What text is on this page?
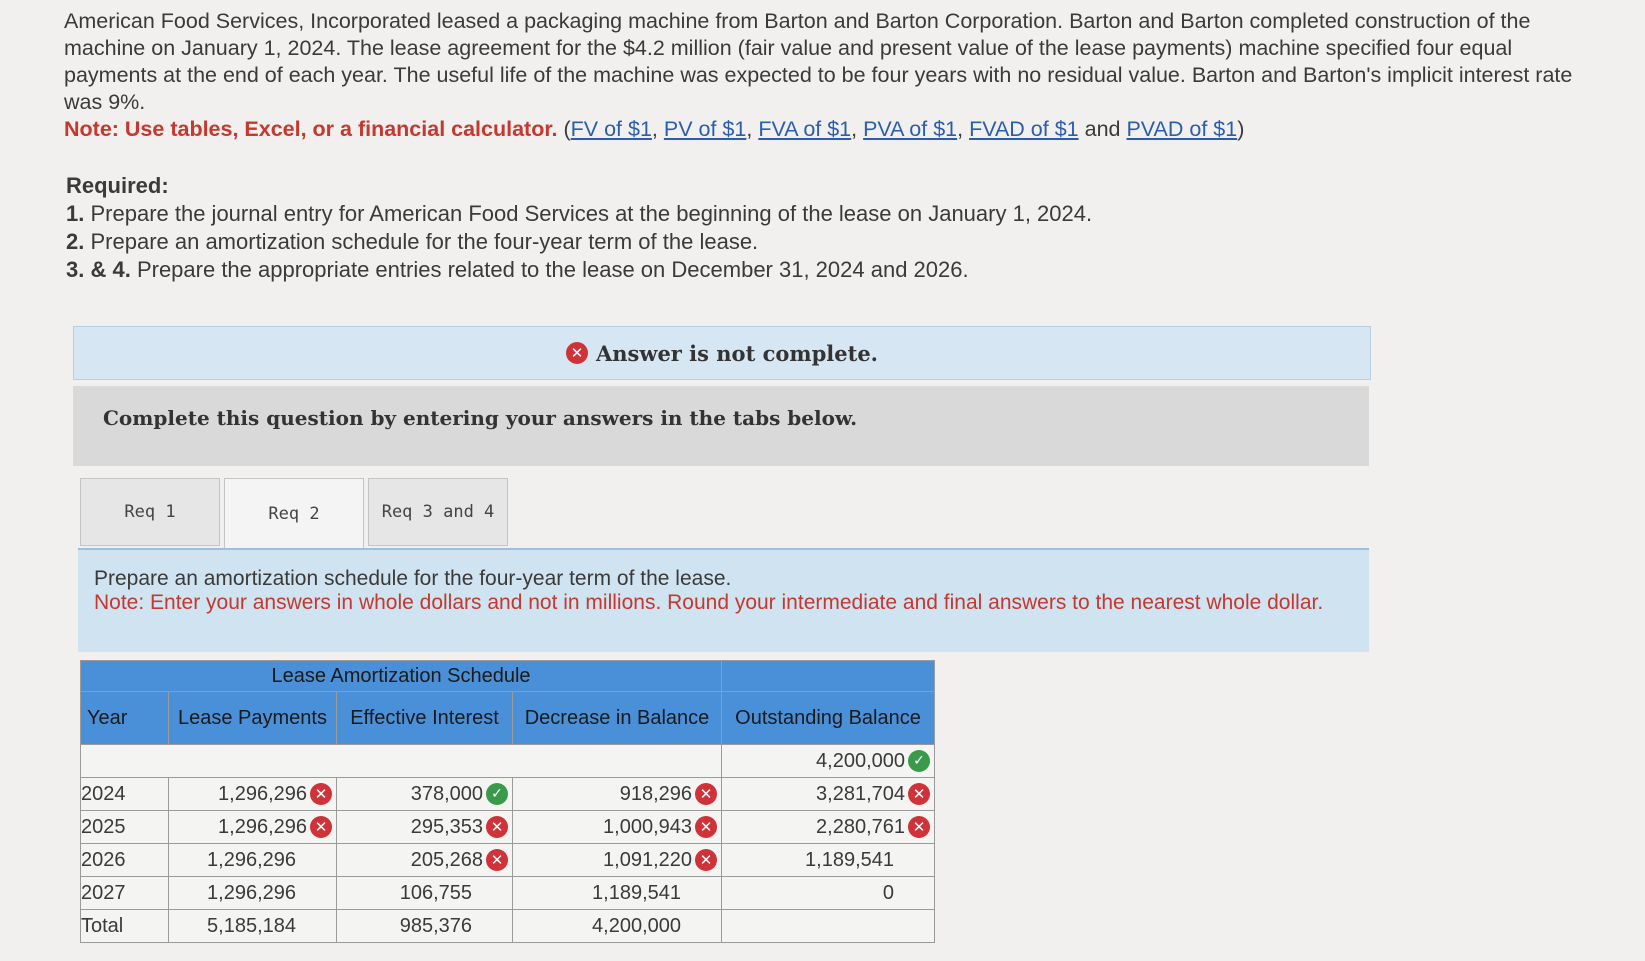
American Food Services, Incorporated leased a packaging machine from Barton and Barton Corporation. Barton and Barton completed construction of the machine on January 1, 2024. The lease agreement for the $4.2 million (fair value and present value of the lease payments) machine specified four equal payments at the end of each year. The useful life of the machine was expected to be four years with no residual value. Barton and Barton's implicit interest rate was 9%.
Note: Use tables, Excel, or a financial calculator. (FV of $1, PV of $1, FVA of $1, PVA of $1, FVAD of $1 and PVAD of $1)
Required:
1. Prepare the journal entry for American Food Services at the beginning of the lease on January 1, 2024.
2. Prepare an amortization schedule for the four-year term of the lease.
3. & 4. Prepare the appropriate entries related to the lease on December 31, 2024 and 2026.
✕ Answer is not complete.
Complete this question by entering your answers in the tabs below.
Req 1	Req 2	Req 3 and 4
Prepare an amortization schedule for the four-year term of the lease.
Note: Enter your answers in whole dollars and not in millions. Round your intermediate and final answers to the nearest whole dollar.
Lease Amortization Schedule				
Year	Lease Payments	Effective Interest	Decrease in Balance	Outstanding Balance

				4,200,000 ✓

2024	1,296,296 ✕	378,000 ✓	918,296 ✕	3,281,704 ✕

2025	1,296,296 ✕	295,353 ✕	1,000,943 ✕	2,280,761 ✕

2026	1,296,296	205,268 ✕	1,091,220 ✕	1,189,541

2027	1,296,296	106,755	1,189,541	0

Total	5,185,184	985,376	4,200,000	
